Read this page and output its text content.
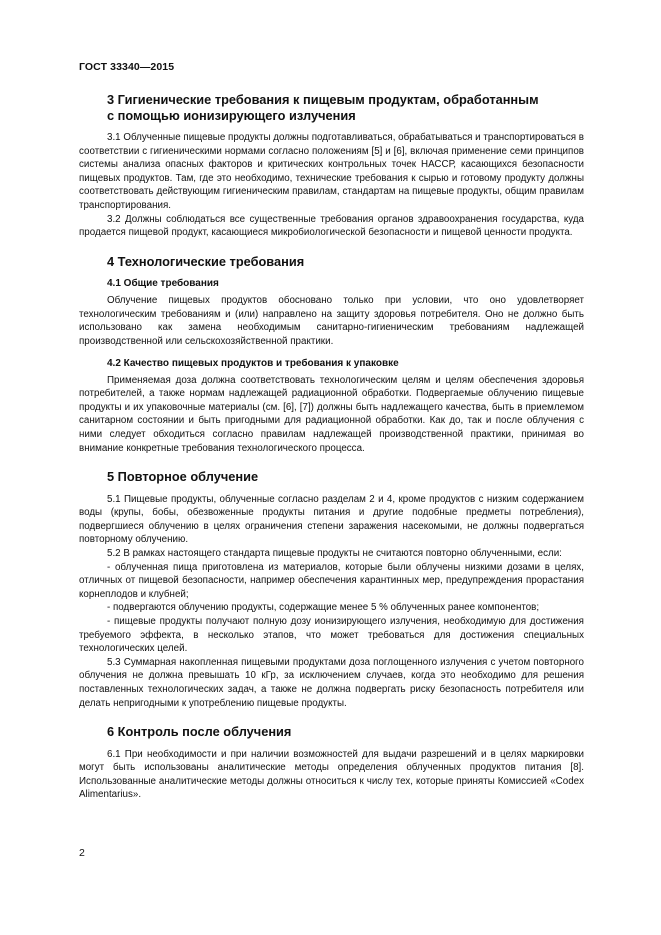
ГОСТ 33340—2015
3 Гигиенические требования к пищевым продуктам, обработанным с помощью ионизирующего излучения

3.1 Облученные пищевые продукты должны подготавливаться, обрабатываться и транспортироваться в соответствии с гигиеническими нормами согласно положениям [5] и [6], включая применение семи принципов системы анализа опасных факторов и критических контрольных точек НАССР, касающихся безопасности пищевых продуктов. Там, где это необходимо, технические требования к сырью и готовому продукту должны соответствовать действующим гигиеническим правилам, стандартам на пищевые продукты, общим правилам транспортирования.

3.2 Должны соблюдаться все существенные требования органов здравоохранения государства, куда продается пищевой продукт, касающиеся микробиологической безопасности и пищевой ценности продукта.

4 Технологические требования
4.1 Общие требования

Облучение пищевых продуктов обосновано только при условии, что оно удовлетворяет технологическим требованиям и (или) направлено на защиту здоровья потребителя. Оно не должно быть использовано как замена необходимым санитарно-гигиеническим требованиям надлежащей производственной или сельскохозяйственной практики.

4.2 Качество пищевых продуктов и требования к упаковке

Применяемая доза должна соответствовать технологическим целям и целям обеспечения здоровья потребителей, а также нормам надлежащей радиационной обработки. Подвергаемые облучению пищевые продукты и их упаковочные материалы (см. [6], [7]) должны быть надлежащего качества, быть в приемлемом санитарном состоянии и быть пригодными для радиационной обработки. Как до, так и после облучения с ними следует обходиться согласно правилам надлежащей производственной практики, принимая во внимание конкретные требования технологического процесса.

5 Повторное облучение

5.1 Пищевые продукты, облученные согласно разделам 2 и 4, кроме продуктов с низким содержанием воды (крупы, бобы, обезвоженные продукты питания и другие подобные предметы потребления), подвергшиеся облучению в целях ограничения степени заражения насекомыми, не должны подвергаться повторному облучению.

5.2 В рамках настоящего стандарта пищевые продукты не считаются повторно облученными, если:

- облученная пища приготовлена из материалов, которые были облучены низкими дозами в целях, отличных от пищевой безопасности, например обеспечения карантинных мер, предупреждения прорастания корнеплодов и клубней;
- подвергаются облучению продукты, содержащие менее 5 % облученных ранее компонентов;
- пищевые продукты получают полную дозу ионизирующего излучения, необходимую для достижения требуемого эффекта, в несколько этапов, что может требоваться для достижения специальных технологических целей.

5.3 Суммарная накопленная пищевыми продуктами доза поглощенного излучения с учетом повторного облучения не должна превышать 10 кГр, за исключением случаев, когда это необходимо для решения поставленных технологических задач, а также не должна подвергать риску безопасность потребителя или делать непригодными к употреблению пищевые продукты.

6 Контроль после облучения

6.1 При необходимости и при наличии возможностей для выдачи разрешений и в целях маркировки могут быть использованы аналитические методы определения облученных продуктов питания [8]. Использованные аналитические методы должны относиться к числу тех, которые приняты Комиссией «Codex Alimentarius».

2
